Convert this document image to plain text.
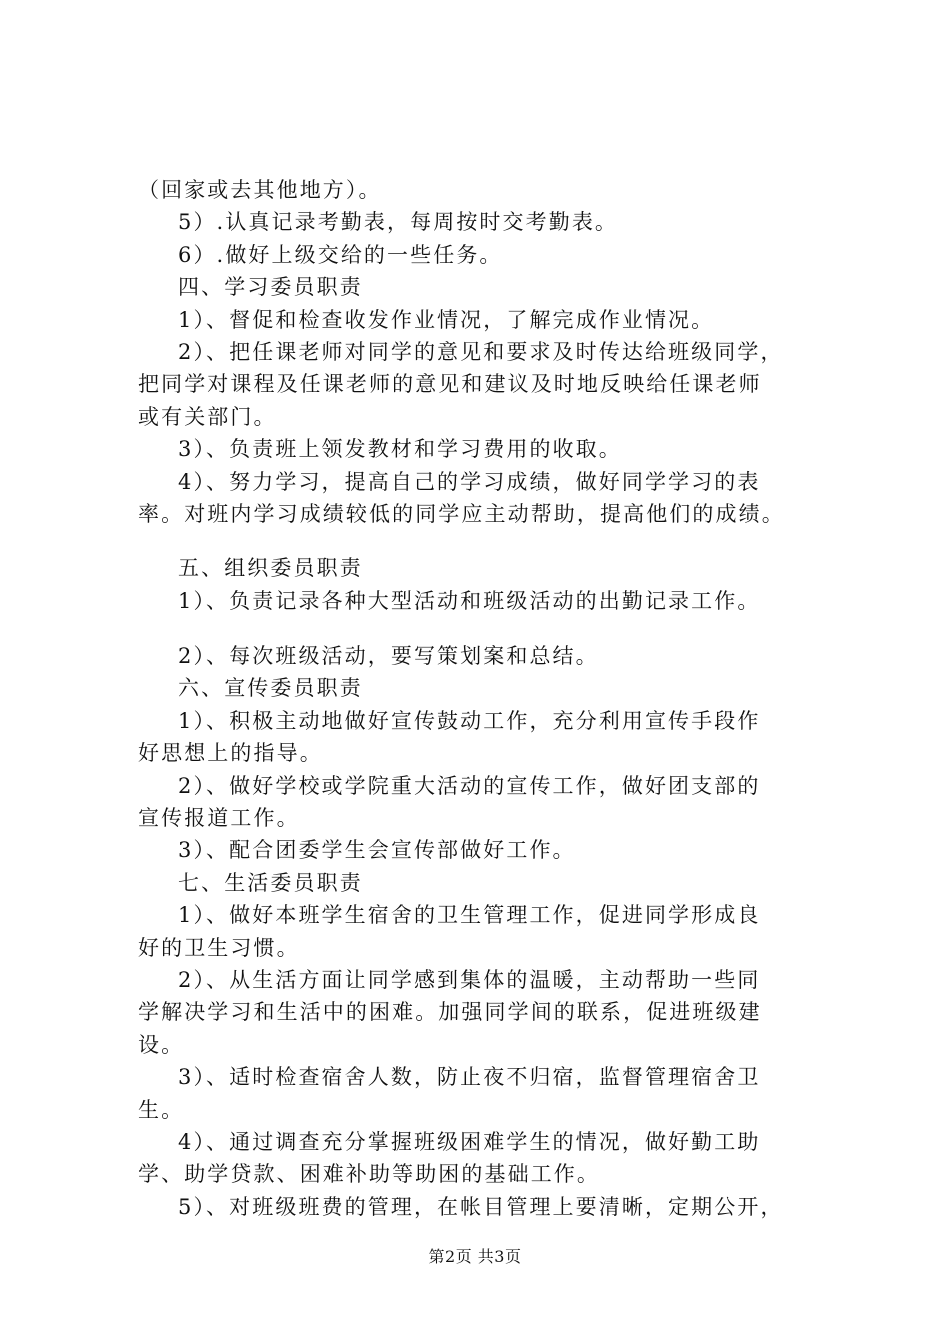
（回家或去其他地方）。
5）.认真记录考勤表，每周按时交考勤表。
6）.做好上级交给的一些任务。
四、学习委员职责
1）、督促和检查收发作业情况，了解完成作业情况。
2）、把任课老师对同学的意见和要求及时传达给班级同学，
把同学对课程及任课老师的意见和建议及时地反映给任课老师
或有关部门。
3）、负责班上领发教材和学习费用的收取。
4）、努力学习，提高自己的学习成绩，做好同学学习的表
率。对班内学习成绩较低的同学应主动帮助，提高他们的成绩。
五、组织委员职责
1）、负责记录各种大型活动和班级活动的出勤记录工作。
2）、每次班级活动，要写策划案和总结。
六、宣传委员职责
1）、积极主动地做好宣传鼓动工作，充分利用宣传手段作
好思想上的指导。
2）、做好学校或学院重大活动的宣传工作，做好团支部的
宣传报道工作。
3）、配合团委学生会宣传部做好工作。
七、生活委员职责
1）、做好本班学生宿舍的卫生管理工作，促进同学形成良
好的卫生习惯。
2）、从生活方面让同学感到集体的温暖，主动帮助一些同
学解决学习和生活中的困难。加强同学间的联系，促进班级建
设。
3）、适时检查宿舍人数，防止夜不归宿，监督管理宿舍卫
生。
4）、通过调查充分掌握班级困难学生的情况，做好勤工助
学、助学贷款、困难补助等助困的基础工作。
5）、对班级班费的管理，在帐目管理上要清晰，定期公开，
第2页 共3页
